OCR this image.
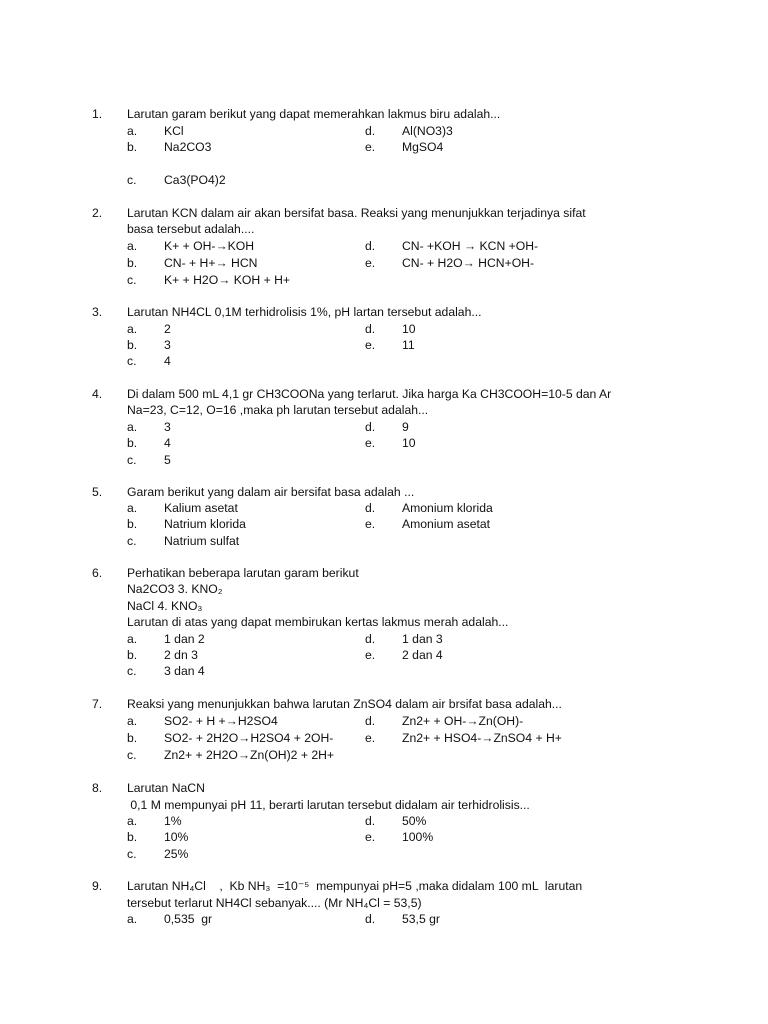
1.	Larutan garam berikut yang dapat memerahkan lakmus biru adalah...
a. KCl
b. Na2CO3
c. Ca3(PO4)2
d. Al(NO3)3
e. MgSO4
2.	Larutan KCN dalam air akan bersifat basa. Reaksi yang menunjukkan terjadinya sifat
basa tersebut adalah....
a. K+ + OH-→KOH
b. CN- + H+→ HCN
c. K+ + H2O→ KOH + H+
d. CN- +KOH → KCN +OH-
e. CN- + H2O→ HCN+OH-
3.	Larutan NH4CL 0,1M terhidrolisis 1%, pH lartan tersebut adalah...
a. 2
b. 3
c. 4
d. 10
e. 11
4.	Di dalam 500 mL 4,1 gr CH3COONa yang terlarut. Jika harga Ka CH3COOH=10-5 dan Ar
Na=23, C=12, O=16 ,maka ph larutan tersebut adalah...
a. 3
b. 4
c. 5
d. 9
e. 10
5.	Garam berikut yang dalam air bersifat basa adalah ...
a. Kalium asetat
b. Natrium klorida
c. Natrium sulfat
d. Amonium klorida
e. Amonium asetat
6.	Perhatikan beberapa larutan garam berikut
Na2CO3 3. KNO₂
NaCl 4. KNO₃
Larutan di atas yang dapat membirukan kertas lakmus merah adalah...
a. 1 dan 2
b. 2 dn 3
c. 3 dan 4
d. 1 dan 3
e. 2 dan 4
7.	Reaksi yang menunjukkan bahwa larutan ZnSO4 dalam air brsifat basa adalah...
a. SO2- + H +→H2SO4
b. SO2- + 2H2O→H2SO4 + 2OH-
c. Zn2+ + 2H2O→Zn(OH)2 + 2H+
d. Zn2+ + OH-→Zn(OH)-
e. Zn2+ + HSO4-→ZnSO4 + H+
8.	Larutan NaCN
0,1 M mempunyai pH 11, berarti larutan tersebut didalam air terhidrolisis...
a. 1%
b. 10%
c. 25%
d. 50%
e. 100%
9.	Larutan NH₄Cl    ,  Kb NH₃  =10⁻⁵  mempunyai pH=5 ,maka didalam 100 mL  larutan
tersebut terlarut NH4Cl sebanyak.... (Mr NH₄Cl = 53,5)
a. 0,535  gr	d. 53,5 gr
